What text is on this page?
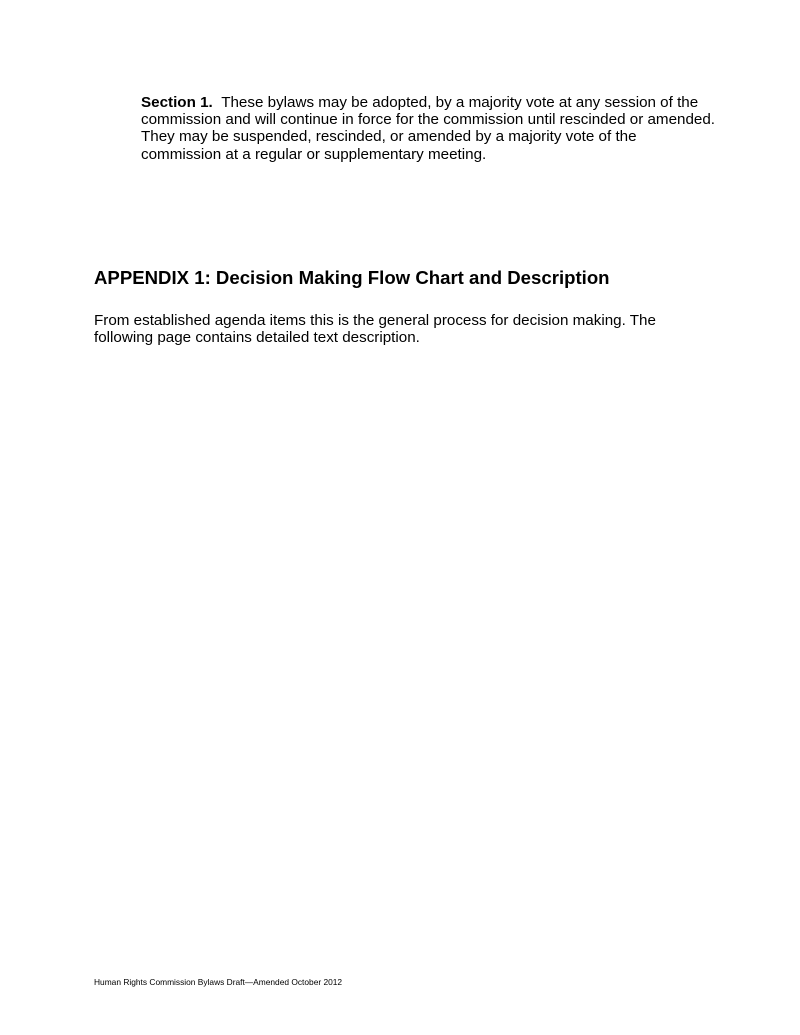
Section 1. These bylaws may be adopted, by a majority vote at any session of the commission and will continue in force for the commission until rescinded or amended. They may be suspended, rescinded, or amended by a majority vote of the commission at a regular or supplementary meeting.

APPENDIX 1: Decision Making Flow Chart and Description

From established agenda items this is the general process for decision making. The following page contains detailed text description.

Human Rights Commission Bylaws Draft—Amended October 2012
